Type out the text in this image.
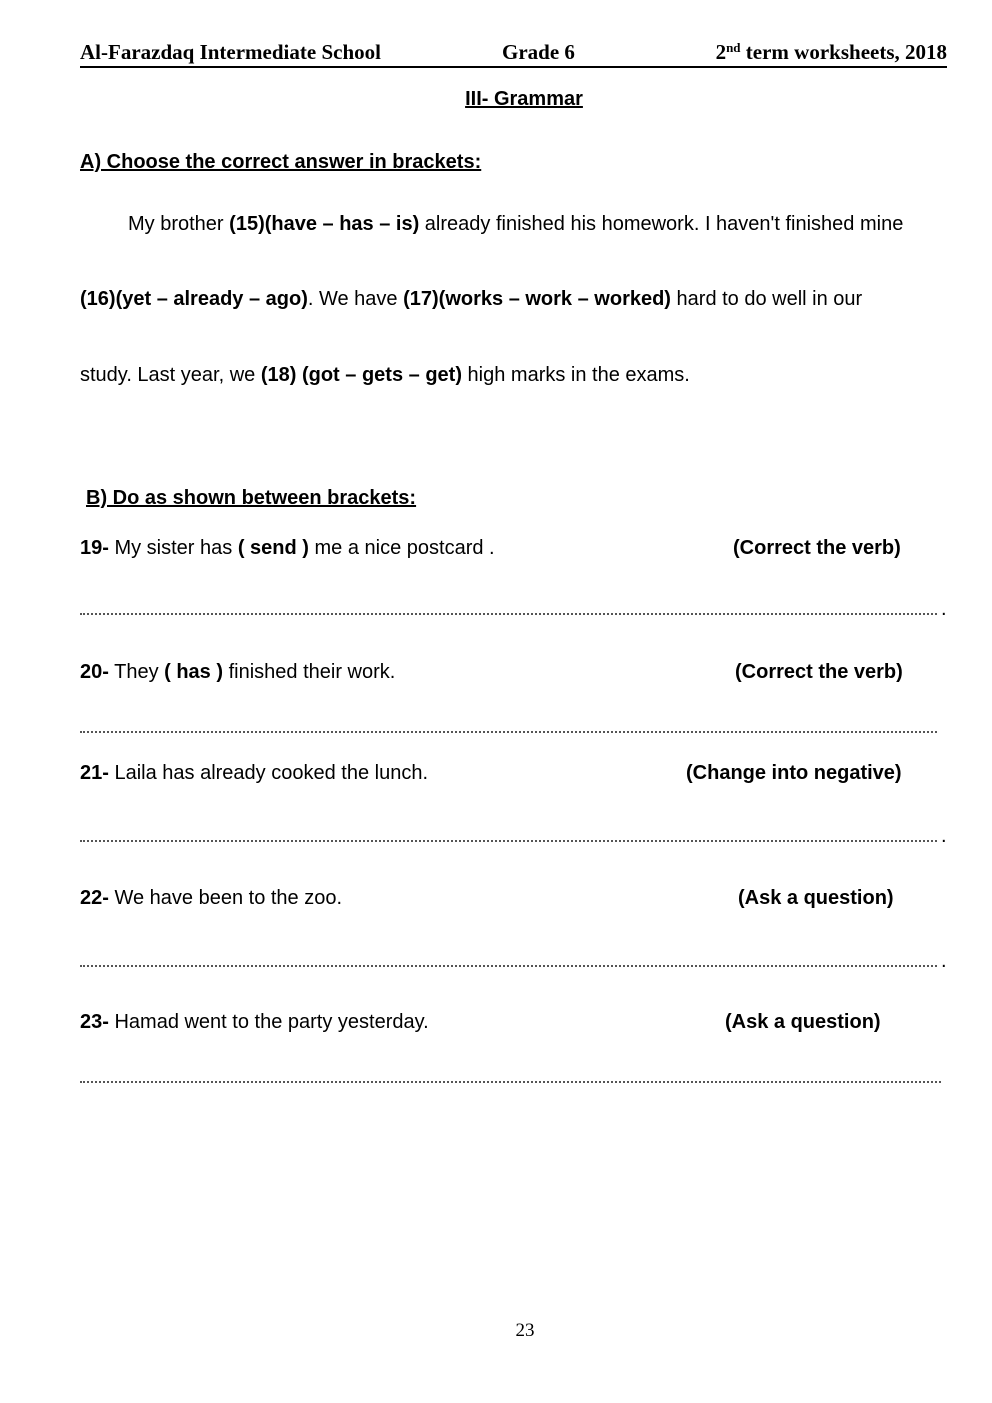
Al-Farazdaq Intermediate School	Grade 6	2nd term worksheets, 2018
III- Grammar
A) Choose the correct answer in brackets:
My brother (15)(have – has – is) already finished his homework. I haven't finished mine
(16)(yet – already – ago). We have (17)(works – work – worked) hard to do well in our
study. Last year, we (18) (got – gets – get) high marks in the exams.
B) Do as shown between brackets:
19- My sister has ( send ) me a nice postcard .	(Correct the verb)
.
20- They ( has ) finished their work.	(Correct the verb)
21- Laila has already cooked the lunch.	(Change into negative)
.
22- We have been to the zoo.	(Ask a question)
.
23- Hamad went to the party yesterday.	(Ask a question)
23
